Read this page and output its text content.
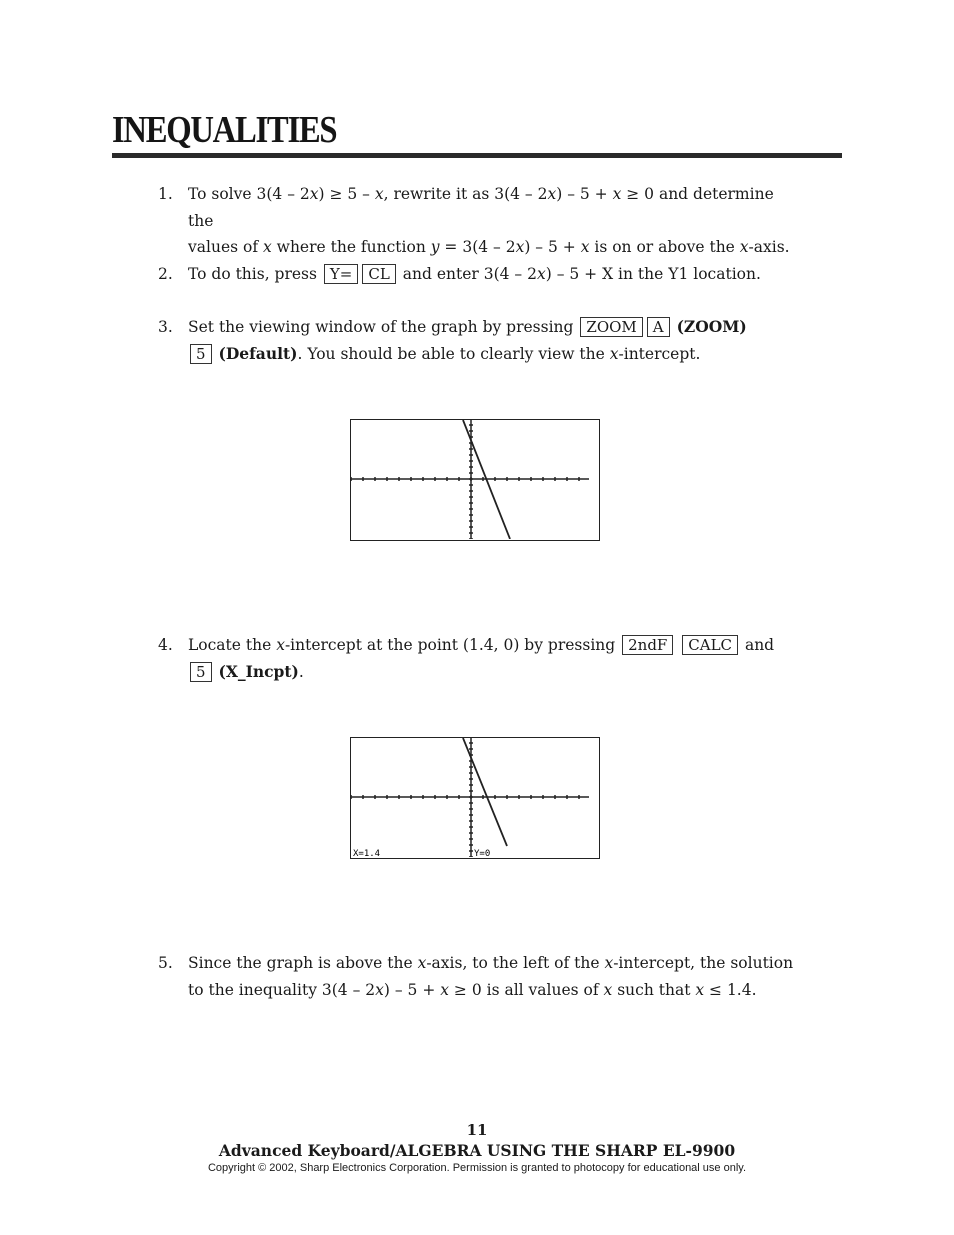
INEQUALITIES
1. To solve 3(4 – 2x) ≥ 5 – x, rewrite it as 3(4 – 2x) – 5 + x ≥ 0 and determine the
values of x where the function y = 3(4 – 2x) – 5 + x is on or above the x-axis.
2. To do this, press Y= CL and enter 3(4 – 2x) – 5 + X in the Y1 location.
3. Set the viewing window of the graph by pressing ZOOM A (ZOOM)
5 (Default). You should be able to clearly view the x-intercept.
4. Locate the x-intercept at the point (1.4, 0) by pressing 2ndF CALC and
5 (X_Incpt).
X=1.4	Y=0
5. Since the graph is above the x-axis, to the left of the x-intercept, the solution
to the inequality 3(4 – 2x) – 5 + x ≥ 0 is all values of x such that x ≤ 1.4.
11
Advanced Keyboard/ALGEBRA USING THE SHARP EL-9900
Copyright © 2002, Sharp Electronics Corporation. Permission is granted to photocopy for educational use only.
